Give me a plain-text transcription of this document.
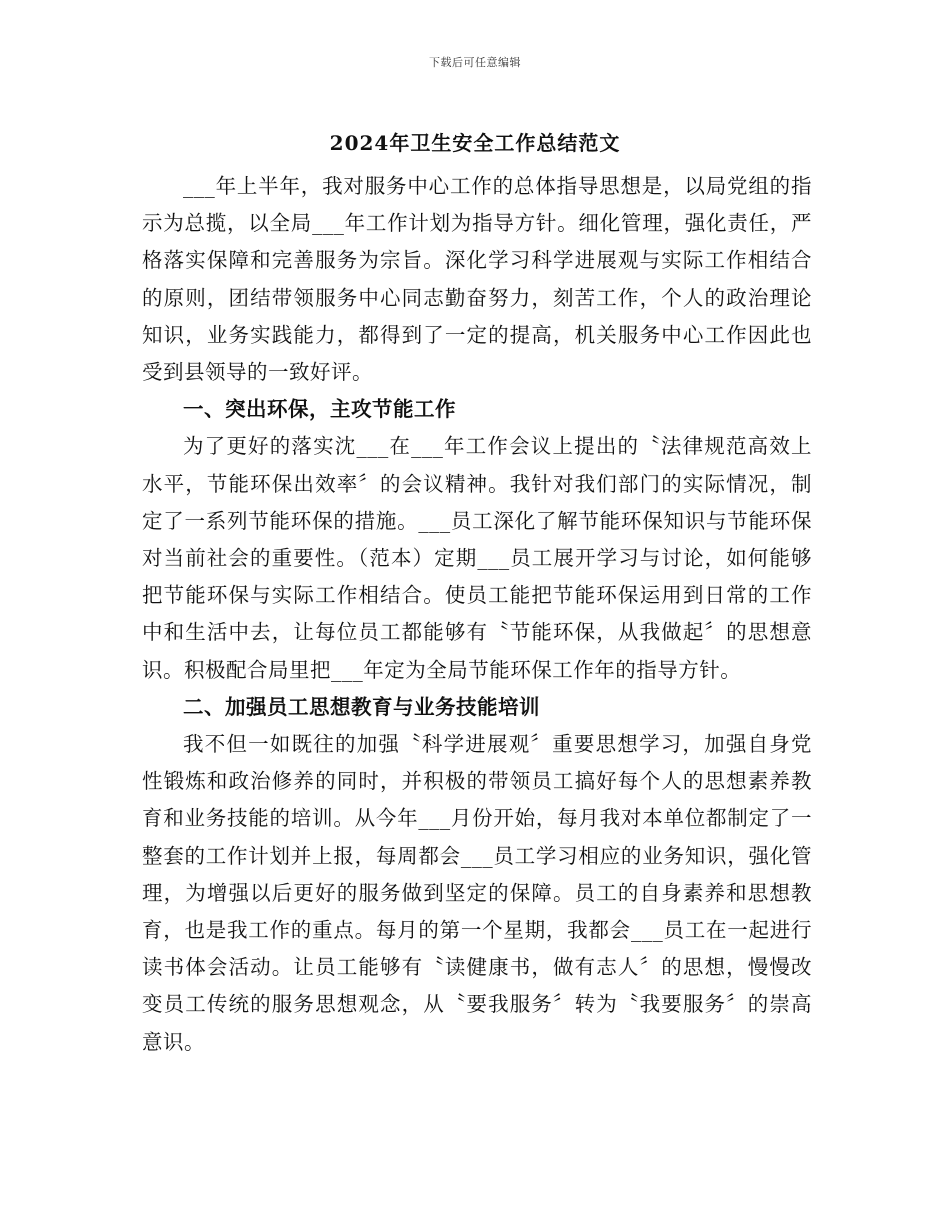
下载后可任意编辑
2024年卫生安全工作总结范文

___年上半年，我对服务中心工作的总体指导思想是，以局党组的指示为总揽，以全局___年工作计划为指导方针。细化管理，强化责任，严格落实保障和完善服务为宗旨。深化学习科学进展观与实际工作相结合的原则，团结带领服务中心同志勤奋努力，刻苦工作，个人的政治理论知识，业务实践能力，都得到了一定的提高，机关服务中心工作因此也受到县领导的一致好评。

一、突出环保，主攻节能工作

为了更好的落实沈___在___年工作会议上提出的〝法律规范高效上水平，节能环保出效率〞的会议精神。我针对我们部门的实际情况，制定了一系列节能环保的措施。___员工深化了解节能环保知识与节能环保对当前社会的重要性。（范本）定期___员工展开学习与讨论，如何能够把节能环保与实际工作相结合。使员工能把节能环保运用到日常的工作中和生活中去，让每位员工都能够有〝节能环保，从我做起〞的思想意识。积极配合局里把___年定为全局节能环保工作年的指导方针。

二、加强员工思想教育与业务技能培训

我不但一如既往的加强〝科学进展观〞重要思想学习，加强自身党性锻炼和政治修养的同时，并积极的带领员工搞好每个人的思想素养教育和业务技能的培训。从今年___月份开始，每月我对本单位都制定了一整套的工作计划并上报，每周都会___员工学习相应的业务知识，强化管理，为增强以后更好的服务做到坚定的保障。员工的自身素养和思想教育，也是我工作的重点。每月的第一个星期，我都会___员工在一起进行读书体会活动。让员工能够有〝读健康书，做有志人〞的思想，慢慢改变员工传统的服务思想观念，从〝要我服务〞转为〝我要服务〞的崇高意识。
